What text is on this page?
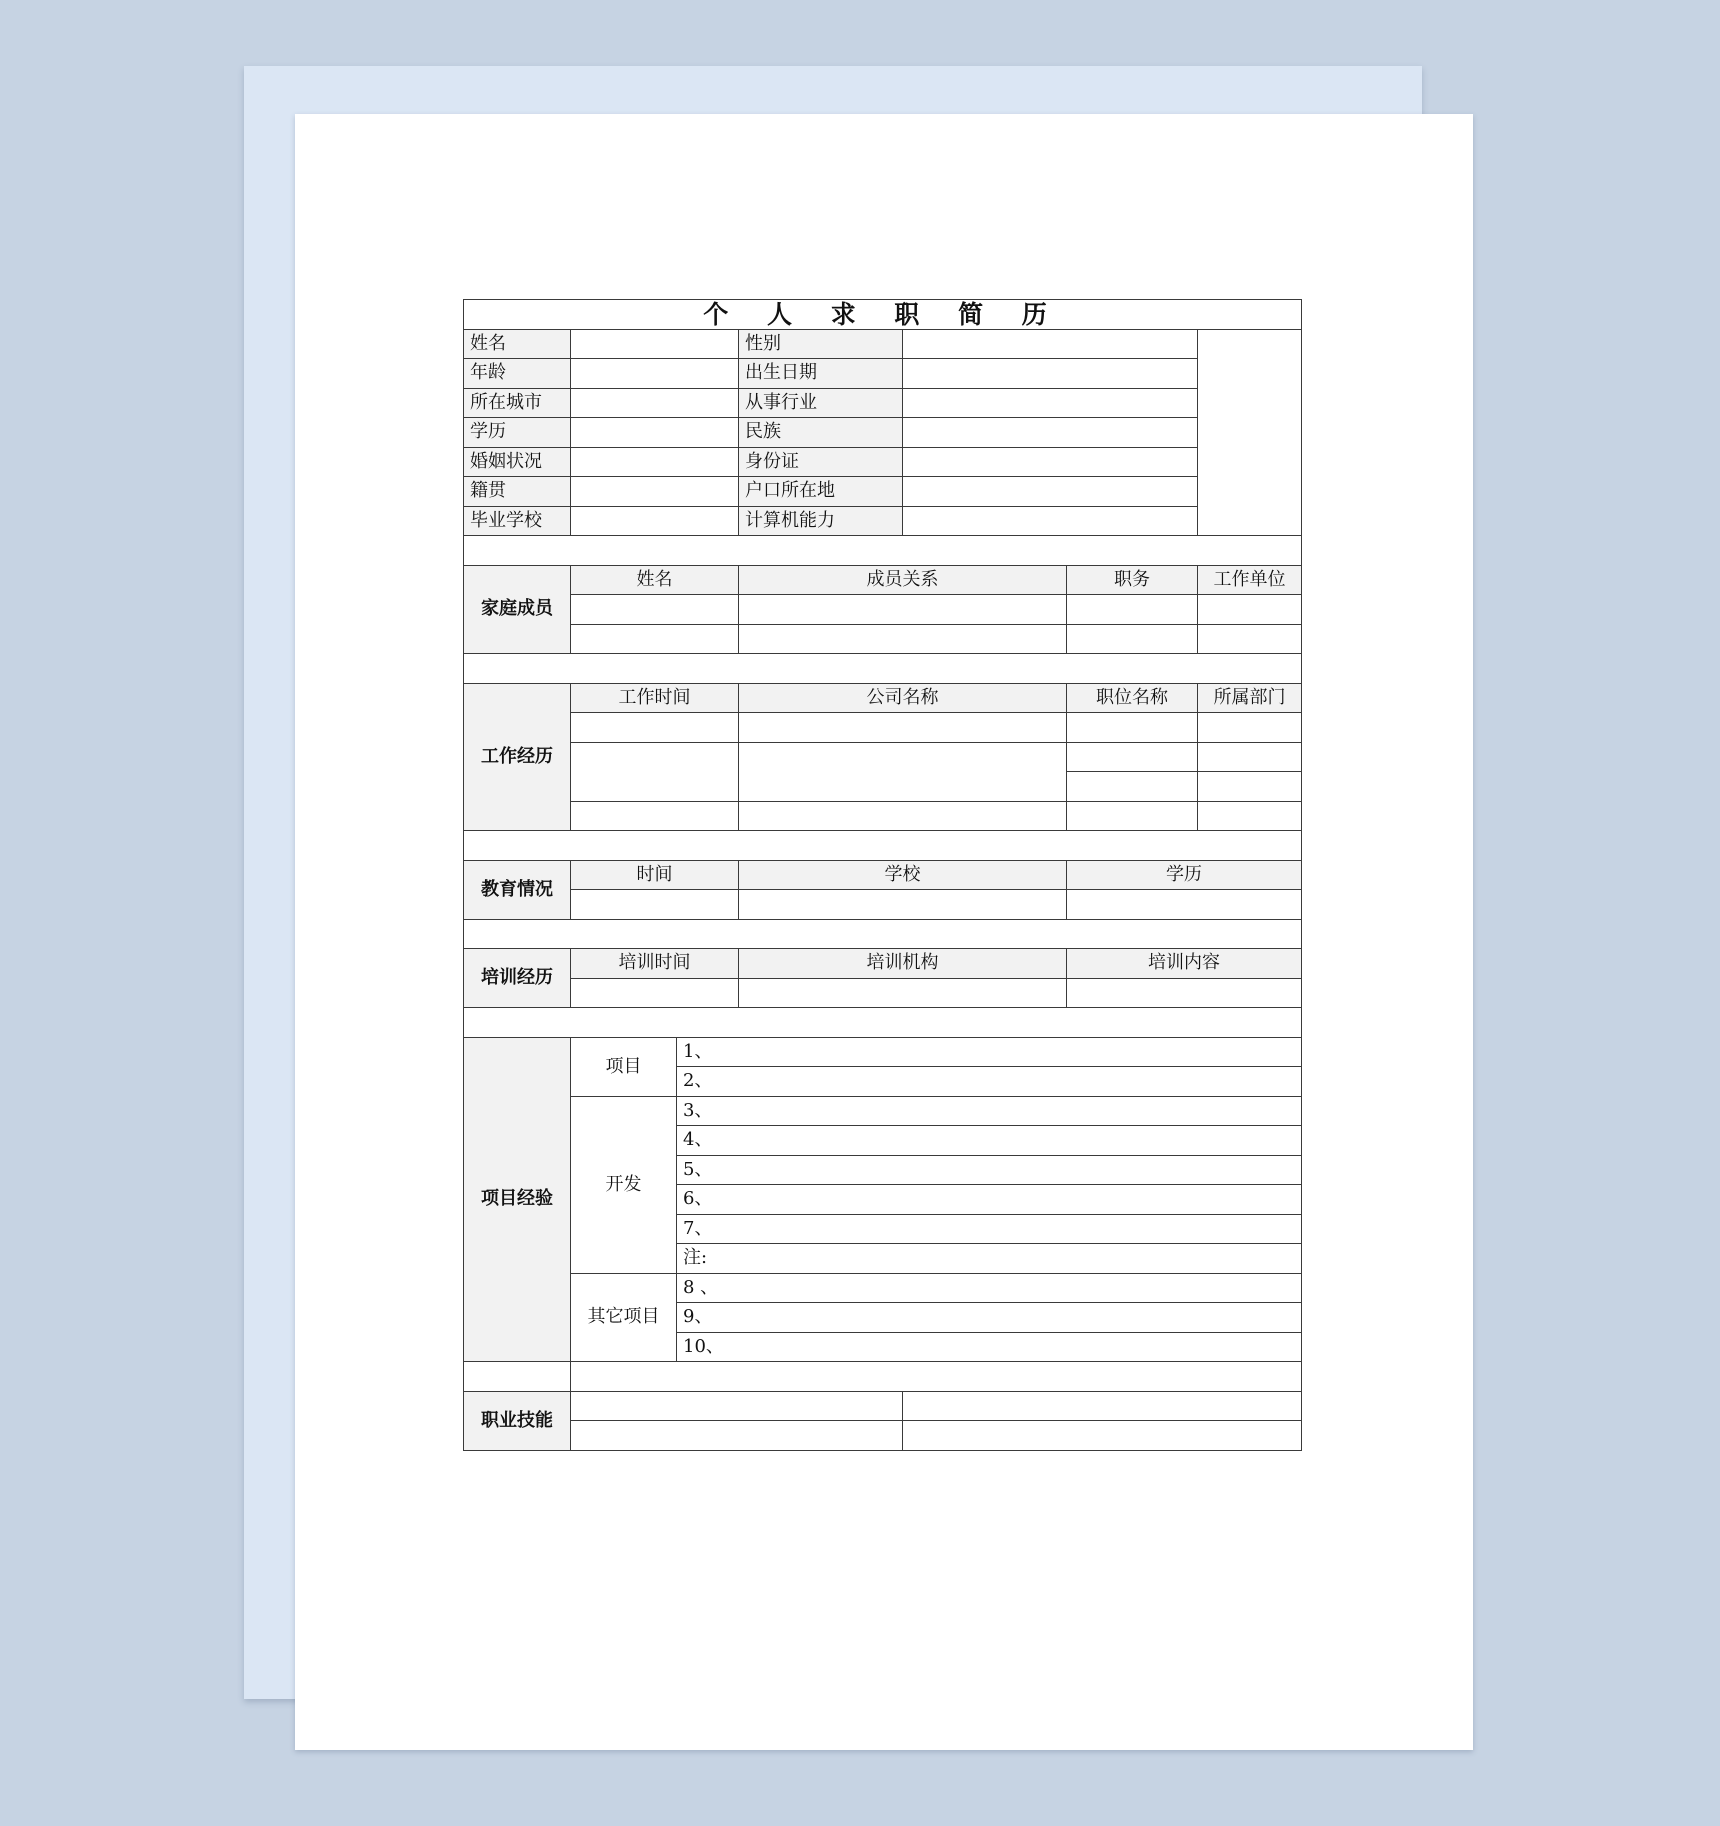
个 人 求 职 简 历						
姓名			性别			
年龄			出生日期			
所在城市			从事行业			
学历			民族			
婚姻状况			身份证			
籍贯			户口所在地			
毕业学校			计算机能力			

家庭成员	姓名		成员关系		职务	工作单位

工作经历	工作时间		公司名称		职位名称	所属部门

教育情况	时间		学校		学历	

培训经历	培训时间		培训机构		培训内容	

项目经验	项目	1、				
		2、				
	开发	3、				
		4、				
		5、				
		6、				
		7、				
		注:				
	其它项目	8 、				
		9、				
		10、				

职业技能						
